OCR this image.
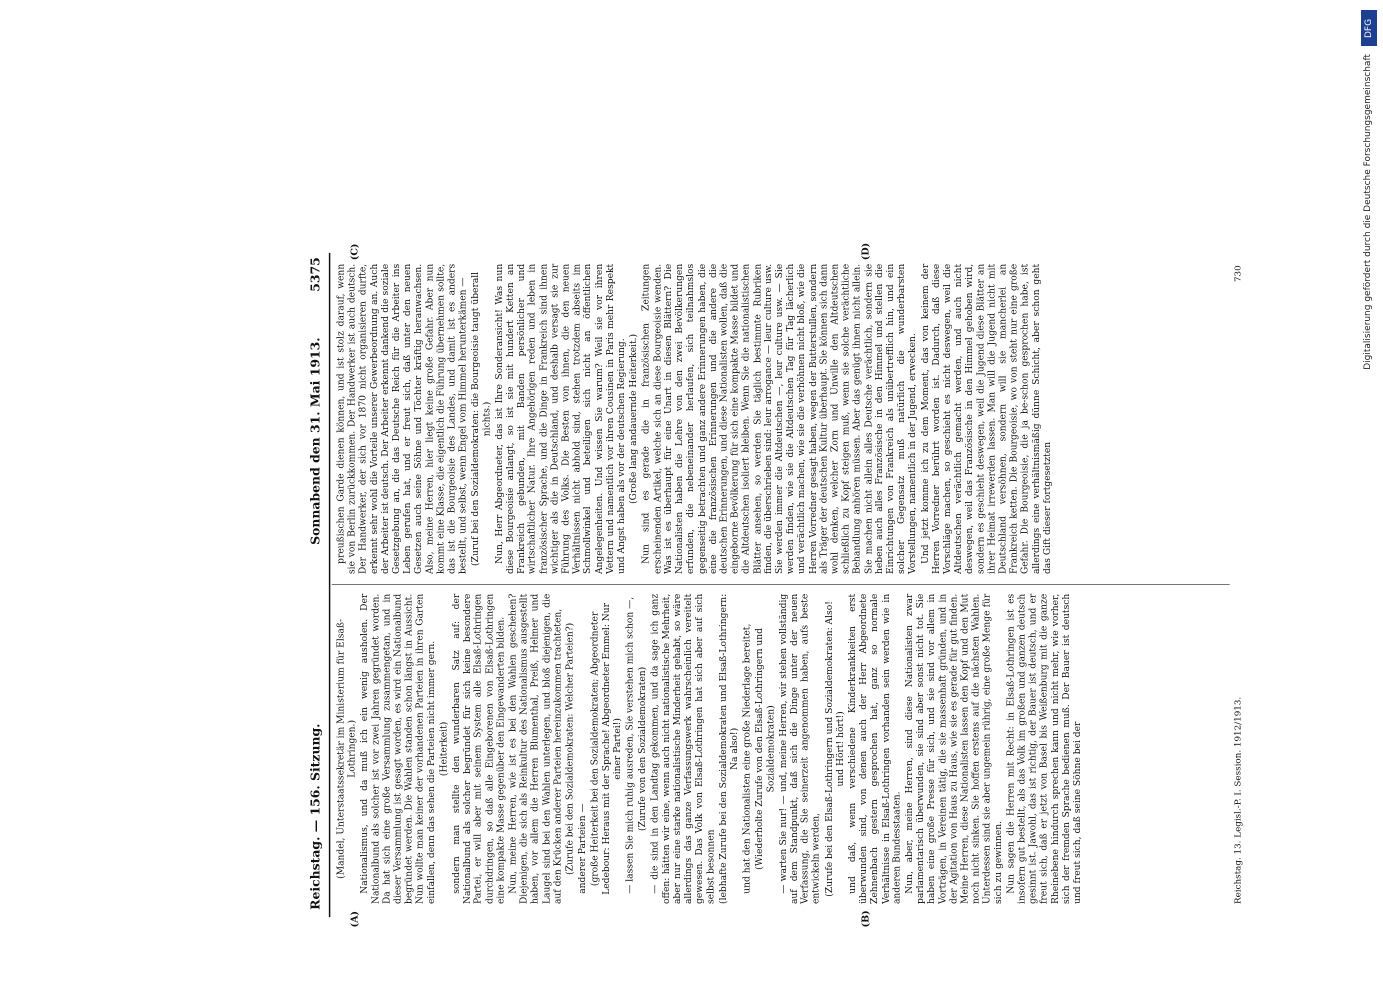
Reichstag. — 156. Sitzung.
Sonnabend den 31. Mai 1913.
5375
(A)	(B)
(C)	(D)

(Mandel, Unterstaatssekretär im Ministerium für Elsaß-Lothringen.) Nationalismus, und da muß ich ein wenig ausholen. Der Nationalbund als solcher ist vor zwei Jahren gegründet worden. Da hat sich eine große Versammlung zusammengetan, und in dieser Versammlung ist gesagt worden, es wird ein Nationalbund begründet werden. Die Wahlen standen schon längst in Aussicht. Nun wollte man keiner der vorhandenen Parteien in ihren Garten einfallen, denn das sehen die Parteien nicht immer gern. (Heiterkeit) sondern man stellte den wunderbaren Satz auf: der Nationalbund als solcher begründet für sich keine besondere Partei, er will aber mit seinem System alle Elsaß-Lothringen durchdringen, so daß alle Eingeborenen von Elsaß-Lothringen eine kompakte Masse gegenüber den Eingewanderten bilden. Nun, meine Herren, wie ist es bei den Wahlen geschehen? Diejenigen, die sich als Reinkultur des Nationalismus ausgestellt haben, vor allem die Herren Blumenthal, Preiß, Helmer und Laugel sind bei den Wahlen unterlegen, und bloß diejenigen, die auf den Krücken anderer Parteien hereinzukommen trachteten, (Zurufe bei den Sozialdemokraten: Welcher Parteien?) anderer Parteien — (große Heiterkeit bei den Sozialdemokraten; Abgeordneter Ledebour: Heraus mit der Sprache! Abgeordneter Emmel: Nur einer Partei!) — lassen Sie mich ruhig ausreden, Sie verstehen mich schon —, (Zurufe von den Sozialdemokraten) — die sind in den Landtag gekommen, und da sage ich ganz offen: hätten wir eine, wenn auch nicht nationalistische Mehrheit, aber nur eine starke nationalistische Minderheit gehabt, so wäre allerdings das ganze Verfassungswerk wahrscheinlich vereitelt gewesen. Das Volk von Elsaß-Lothringen hat sich aber auf sich selbst besonnen (lebhafte Zurufe bei den Sozialdemokraten und Elsaß-Lothringern: Na also!) und hat den Nationalisten eine große Niederlage bereitet, (Wiederholte Zurufe von den Elsaß-Lothringern und Sozialdemokraten) — warten Sie nur! — und, meine Herren, wir stehen vollständig auf dem Standpunkt, daß sich die Dinge unter der neuen Verfassung, die Sie seinerzeit angenommen haben, aufs beste entwickeln werden, (Zurufe bei den Elsaß-Lothringern und Sozialdemokraten: Also! und Hört! hört!) und daß, wenn verschiedene Kinderkrankheiten erst überwunden sind, von denen auch der Herr Abgeordnete Zehnenbach gestern gesprochen hat, ganz so normale Verhältnisse in Elsaß-Lothringen vorhanden sein werden wie in anderen Bundesstaaten. Nun, aber, meine Herren, sind diese Nationalisten zwar parlamentarisch überwunden, sie sind aber sonst nicht tot. Sie haben eine große Presse für sich, und sie sind vor allem in Vorträgen, in Vereinen tätig, die sie massenhaft gründen, und in der Agitation von Haus zu Haus, wie sie es gerade für gut finden. Meine Herren, diese Nationalisten lassen den Kopf und den Mut noch nicht sinken. Sie hoffen erstens auf die nächsten Wahlen. Unterdessen sind sie aber ungemein rührig, eine große Menge für sich zu gewinnen. Nun sagen die Herren mit Recht: in Elsaß-Lothringen ist es insofern gut bestellt, als das Volk im großen und ganzen deutsch gesinnt ist. Jawohl, das ist richtig, der Bauer ist deutsch, und er freut sich, daß er jetzt von Basel bis Weißenburg mit die ganze Rheinebene hindurch sprechen kann und nicht mehr, wie vorher, sich der fremden Sprache bedienen muß. Der Bauer ist deutsch und freut sich, daß seine Söhne bei der

preußischen Garde dienen können, und ist stolz darauf, wenn sie von Berlin zurückkommen. Der Handwerker ist auch deutsch. Der Handwerker, der sich vor 1870 nicht organisieren durfte, erkennt sehr wohl die Vorteile unserer Gewerbeordnung an. Auch der Arbeiter ist deutsch. Der Arbeiter erkennt dankend die soziale Gesetzgebung an, die das Deutsche Reich für die Arbeiter ins Leben gerufen hat, und er freut sich, daß unter den neuen Gesetzen auch seine Söhne und Töchter kräftig heranwachsen. Also, meine Herren, hier liegt keine große Gefahr. Aber nun kommt eine Klasse, die eigentlich die Führung übernehmen sollte, das ist die Bourgeoisie des Landes, und damit ist es anders bestellt, und selbst, wenn Engel vom Himmel herunterkämen — (Zuruf bei den Sozialdemokraten: die Bourgeoisie taugt überall nichts.) Nun, Herr Abgeordneter, das ist Ihre Sonderansicht! Was nun diese Bourgeoisie anlangt, so ist sie mit hundert Ketten an Frankreich gebunden, mit Banden persönlicher und wirtschaftlicher Natur. Ihre Angehörigen reden und leben in französischer Sprache, und die Dinge in Frankreich sind ihnen wichtiger als die in Deutschland, und deshalb versagt sie zur Führung des Volks. Die Besten von ihnen, die den neuen Verhältnissen nicht abhold sind, stehen trotzdem abseits im Schmollwinkel und beteiligen sich nicht an öffentlichen Angelegenheiten. Und wissen Sie warum? Weil sie vor ihren Vettern und namentlich vor ihren Cousinen in Paris mehr Respekt und Angst haben als vor der deutschen Regierung. (Große lang andauernde Heiterkeit.) Nun sind es gerade die in französischen Zeitungen erscheinenden Artikel, welche sich an diese Bourgeoisie wenden. Was ist es überhaupt für eine Unart in diesen Blättern? Die Nationalisten haben die Lehre von den zwei Bevölkerungen erfunden, die nebeneinander herlaufen, sich teilnahmslos gegenseitig betrachten und ganz andere Erinnerungen haben, die eine die französischen Erinnerungen und die andere die deutschen Erinnerungen, und diese Nationalisten wollen, daß die eingeborne Bevölkerung für sich eine kompakte Masse bildet und die Altdeutschen isoliert bleiben. Wenn Sie die nationalistischen Blätter ansehen, so werden Sie täglich bestimmte Rubriken finden, die überschrieben sind: leur arrogance — leur culture usw. Sie werden immer die Altdeutschen —, leur culture usw. — Sie werden finden, wie sie die Altdeutschen Tag für Tag lächerlich und verächtlich machen, wie sie die verhöhnen nicht bloß, wie die Herren Vorredner gesagt haben, wegen der Butterstullen, sondern als Träger der deutschen Kultur überhaupt. Sie können sich dann wohl denken, welcher Zorn und Unwille den Altdeutschen schließlich zu Kopf steigen muß, wenn sie solche verächtliche Behandlung anhören müssen. Aber das genügt ihnen nicht allein. Sie machen nicht allein alles Deutsche verächtlich, sondern sie heben auch alles Französische in den Himmel und stellen die Einrichtungen von Frankreich als unübertrefflich hin, und ein solcher Gegensatz muß natürlich die wunderbarsten Vorstellungen, namentlich in der Jugend, erwecken. Und jetzt komme ich zu dem Moment, das von keinem der Herren Vorredner berührt worden ist. Dadurch, daß diese Vorschläge machen, so geschieht es nicht deswegen, weil die Altdeutschen verächtlich gemacht werden, und auch nicht deswegen, weil das Französische in den Himmel gehoben wird, sondern es geschieht deswegen, weil die Jugend diese Blätter an ihrer Heimat irrewerden lassen. Man will die Jugend nicht mit Deutschland versöhnen, sondern will sie mancherlei an Frankreich ketten. Die Bourgeoisie, wo von steht nur eine große Gefahr. Die Bourgeoisie, die ja be-schon gesprochen habe, ist allerdings eine verhältnismäßig dünne Schicht, aber schon geht das Gift dieser fortgesetzten

Reichstag. 13. Legisl.-P. I. Session. 1912/1913.
730
DFG
Digitalisierung gefördert durch die Deutsche Forschungsgemeinschaft
